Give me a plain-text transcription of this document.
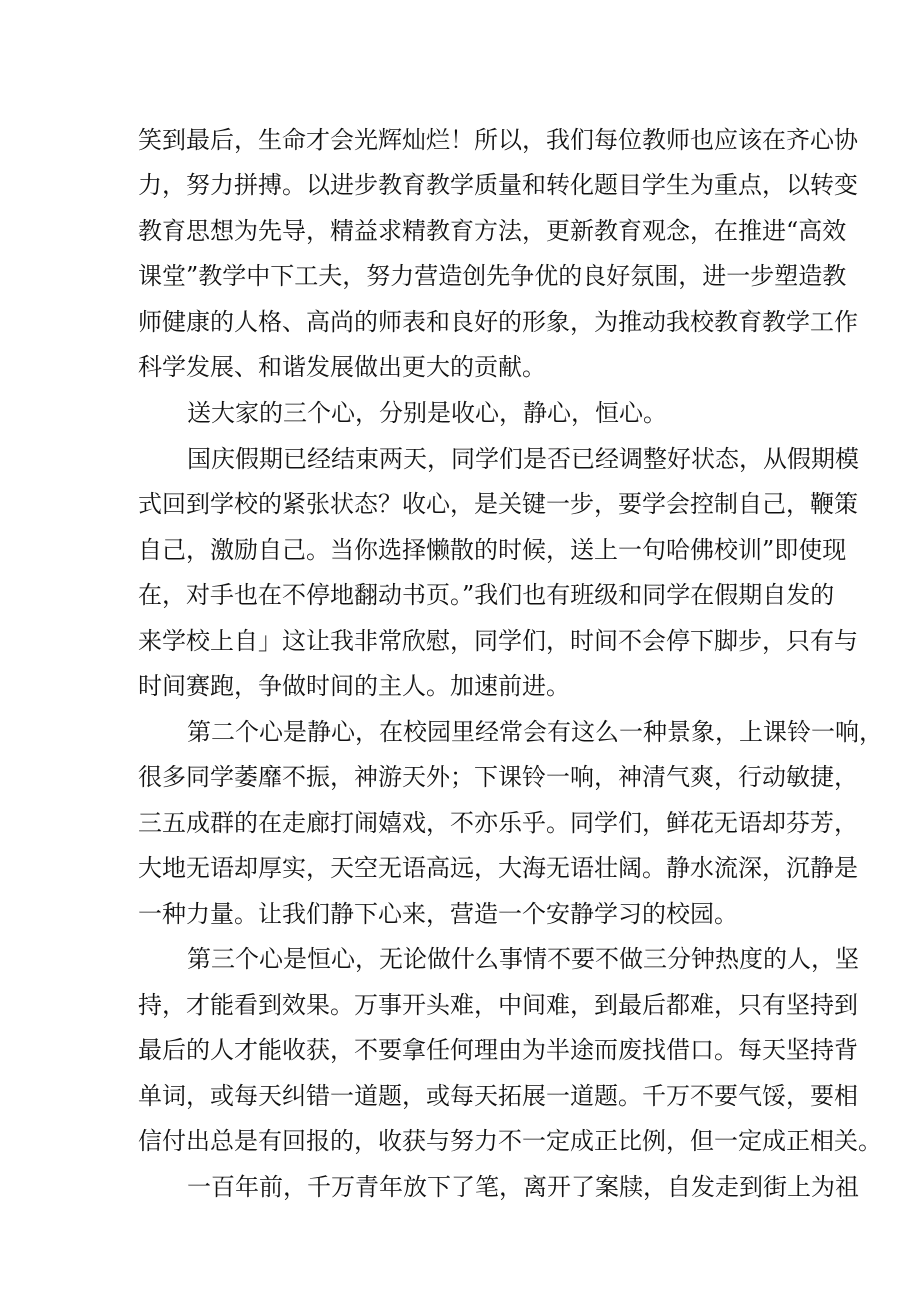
笑到最后，生命才会光辉灿烂！所以，我们每位教师也应该在齐心协
力，努力拼搏。以进步教育教学质量和转化题目学生为重点，以转变
教育思想为先导，精益求精教育方法，更新教育观念，在推进“高效
课堂”教学中下工夫，努力营造创先争优的良好氛围，进一步塑造教
师健康的人格、高尚的师表和良好的形象，为推动我校教育教学工作
科学发展、和谐发展做出更大的贡献。
送大家的三个心，分别是收心，静心，恒心。
国庆假期已经结束两天，同学们是否已经调整好状态，从假期模
式回到学校的紧张状态？收心，是关键一步，要学会控制自己，鞭策
自己，激励自己。当你选择懒散的时候，送上一句哈佛校训”即使现
在，对手也在不停地翻动书页。”我们也有班级和同学在假期自发的
来学校上自」这让我非常欣慰，同学们，时间不会停下脚步，只有与
时间赛跑，争做时间的主人。加速前进。
第二个心是静心，在校园里经常会有这么一种景象，上课铃一响，
很多同学萎靡不振，神游天外；下课铃一响，神清气爽，行动敏捷，
三五成群的在走廊打闹嬉戏，不亦乐乎。同学们，鲜花无语却芬芳，
大地无语却厚实，天空无语高远，大海无语壮阔。静水流深，沉静是
一种力量。让我们静下心来，营造一个安静学习的校园。
第三个心是恒心，无论做什么事情不要不做三分钟热度的人，坚
持，才能看到效果。万事开头难，中间难，到最后都难，只有坚持到
最后的人才能收获，不要拿任何理由为半途而废找借口。每天坚持背
单词，或每天纠错一道题，或每天拓展一道题。千万不要气馁，要相
信付出总是有回报的，收获与努力不一定成正比例，但一定成正相关。
一百年前，千万青年放下了笔，离开了案牍，自发走到街上为祖
